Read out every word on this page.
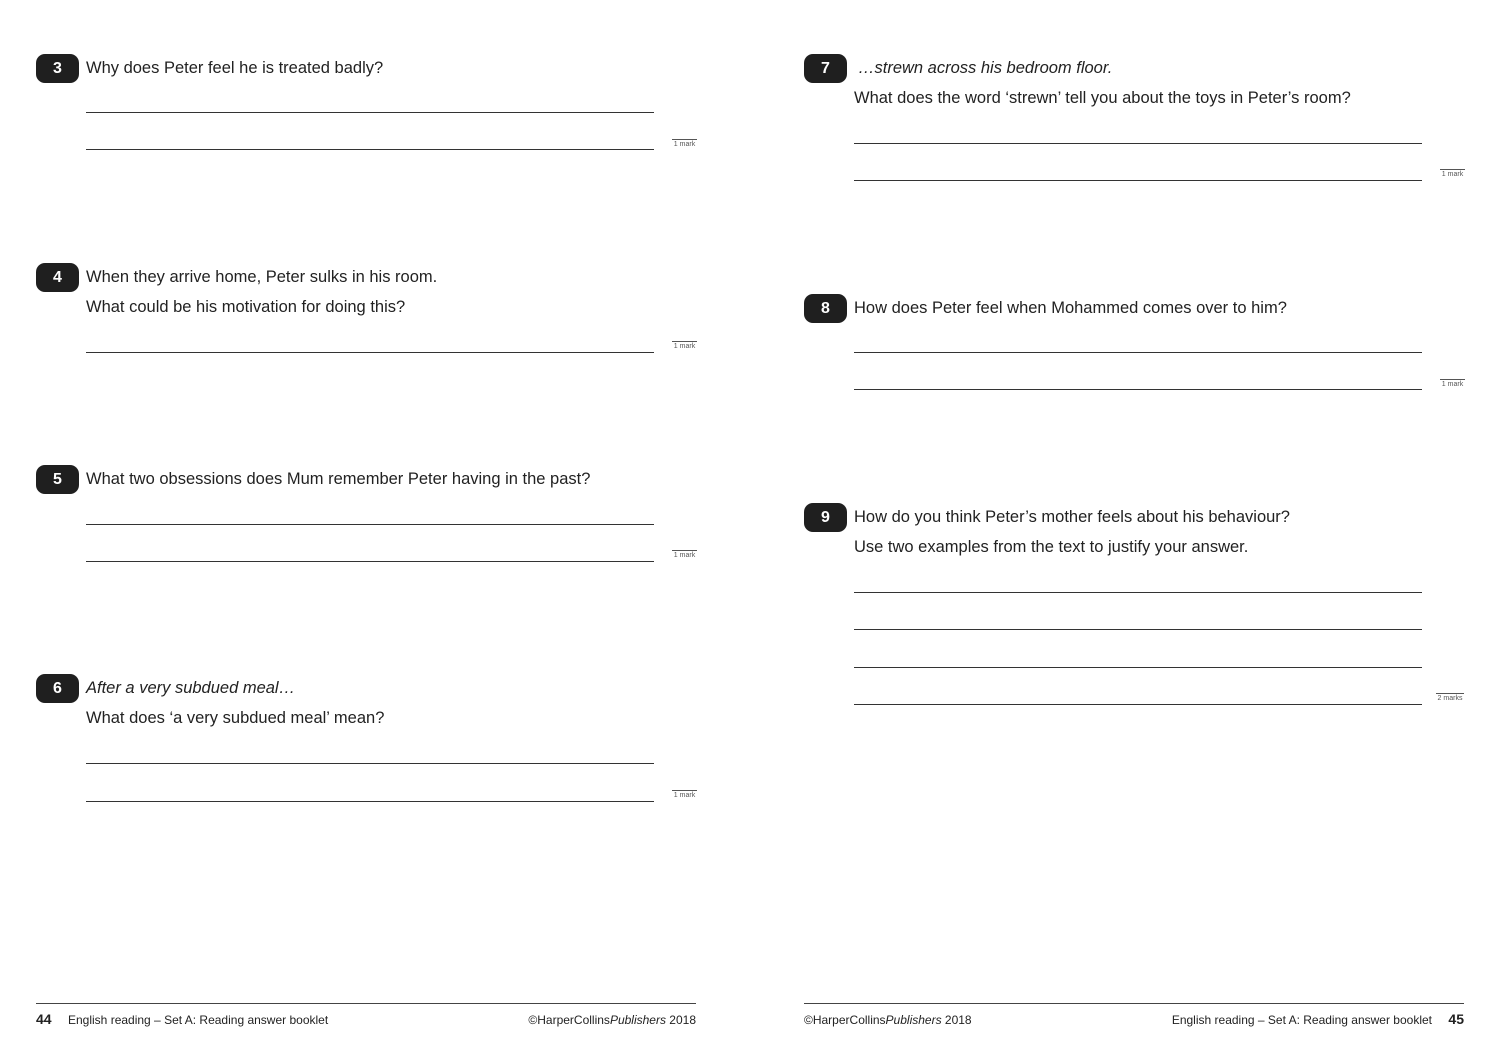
3	Why does Peter feel he is treated badly?
1 mark
4	When they arrive home, Peter sulks in his room.
What could be his motivation for doing this?
1 mark
5	What two obsessions does Mum remember Peter having in the past?
1 mark
6	After a very subdued meal…
What does ‘a very subdued meal’ mean?
1 mark
44 English reading – Set A: Reading answer booklet	©HarperCollinsPublishers 2018
7	…strewn across his bedroom floor.
What does the word ‘strewn’ tell you about the toys in Peter’s room?
1 mark
8	How does Peter feel when Mohammed comes over to him?
1 mark
9	How do you think Peter’s mother feels about his behaviour?
Use two examples from the text to justify your answer.
2 marks
©HarperCollinsPublishers 2018	English reading – Set A: Reading answer booklet 45
